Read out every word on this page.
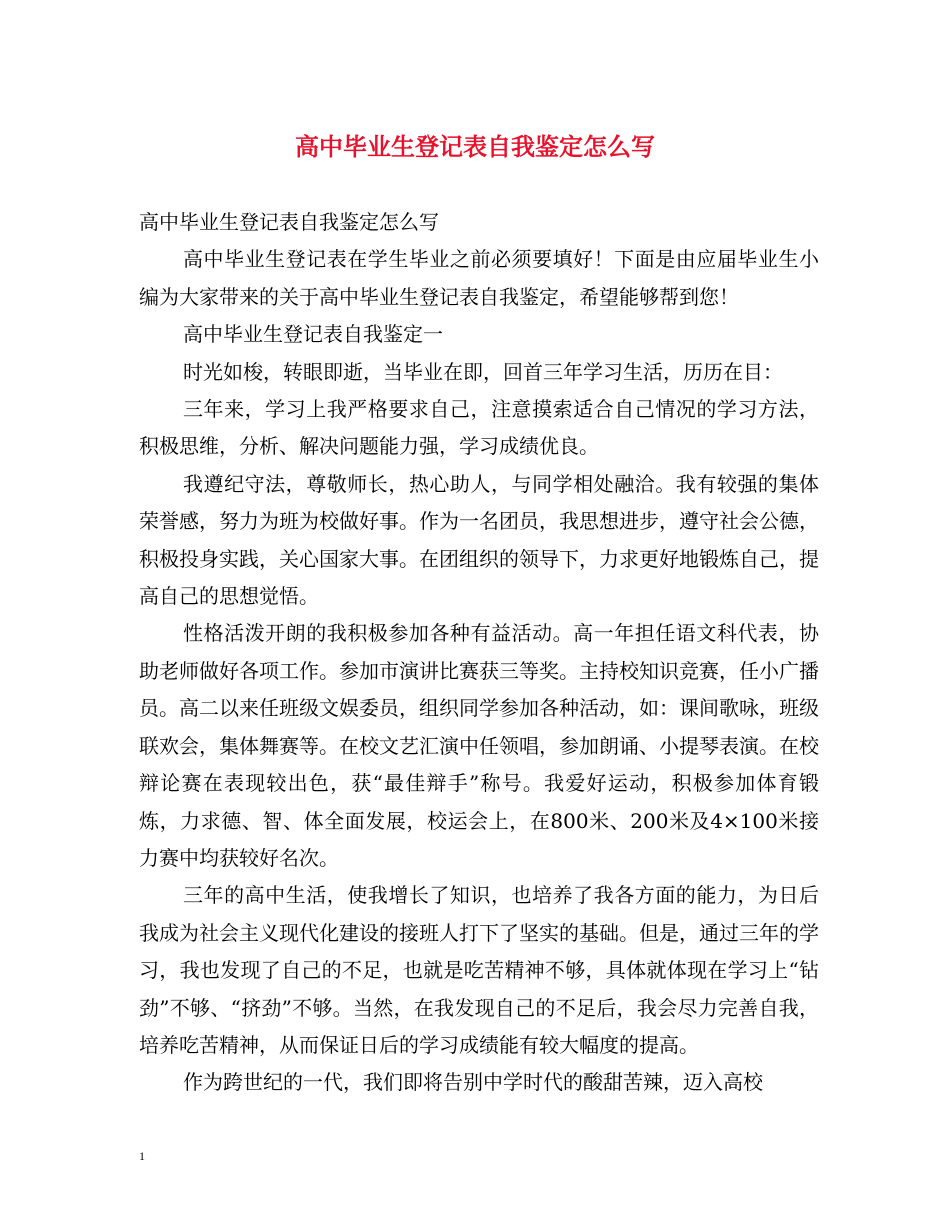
高中毕业生登记表自我鉴定怎么写

高中毕业生登记表自我鉴定怎么写

高中毕业生登记表在学生毕业之前必须要填好！下面是由应届毕业生小编为大家带来的关于高中毕业生登记表自我鉴定，希望能够帮到您！

高中毕业生登记表自我鉴定一

时光如梭，转眼即逝，当毕业在即，回首三年学习生活，历历在目：

三年来，学习上我严格要求自己，注意摸索适合自己情况的学习方法，积极思维，分析、解决问题能力强，学习成绩优良。

我遵纪守法，尊敬师长，热心助人，与同学相处融洽。我有较强的集体荣誉感，努力为班为校做好事。作为一名团员，我思想进步，遵守社会公德，积极投身实践，关心国家大事。在团组织的领导下，力求更好地锻炼自己，提高自己的思想觉悟。

性格活泼开朗的我积极参加各种有益活动。高一年担任语文科代表，协助老师做好各项工作。参加市演讲比赛获三等奖。主持校知识竞赛，任小广播员。高二以来任班级文娱委员，组织同学参加各种活动，如：课间歌咏，班级联欢会，集体舞赛等。在校文艺汇演中任领唱，参加朗诵、小提琴表演。在校辩论赛在表现较出色，获“最佳辩手”称号。我爱好运动，积极参加体育锻炼，力求德、智、体全面发展，校运会上，在800米、200米及4×100米接力赛中均获较好名次。

三年的高中生活，使我增长了知识，也培养了我各方面的能力，为日后我成为社会主义现代化建设的接班人打下了坚实的基础。但是，通过三年的学习，我也发现了自己的不足，也就是吃苦精神不够，具体就体现在学习上“钻劲”不够、“挤劲”不够。当然，在我发现自己的不足后，我会尽力完善自我，培养吃苦精神，从而保证日后的学习成绩能有较大幅度的提高。

作为跨世纪的一代，我们即将告别中学时代的酸甜苦辣，迈入高校

1
